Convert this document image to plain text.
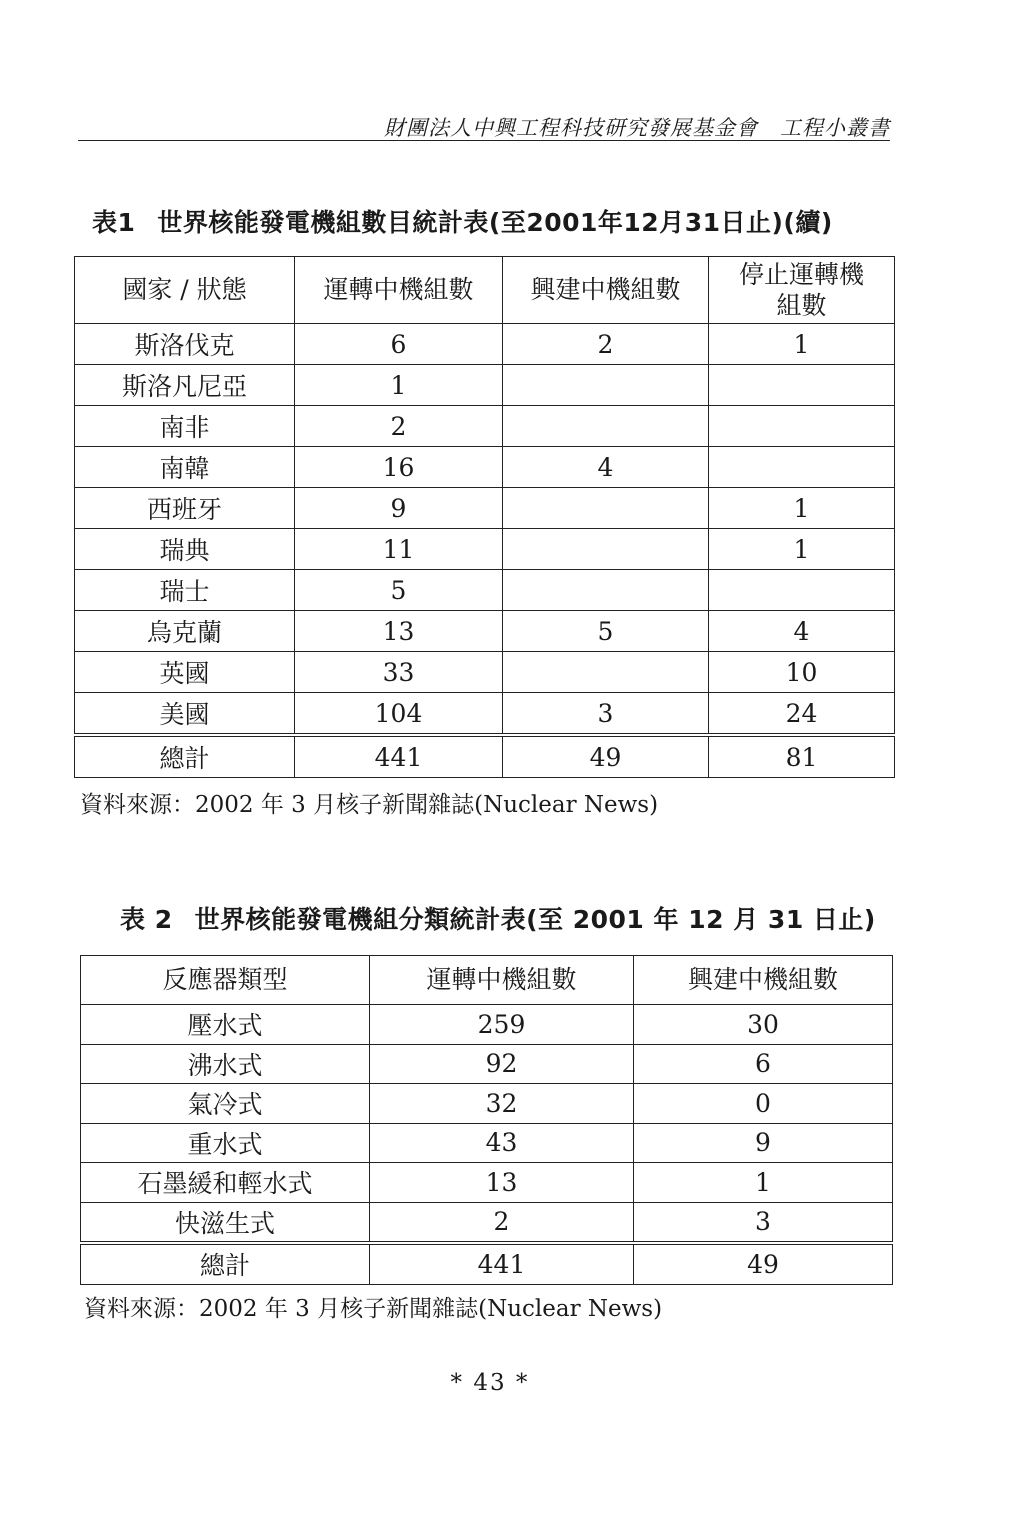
財團法人中興工程科技研究發展基金會　工程小叢書
表1 世界核能發電機組數目統計表(至2001年12月31日止)(續)
國家 / 狀態	運轉中機組數	興建中機組數	停止運轉機組數
斯洛伐克	6	2	1
斯洛凡尼亞	1		
南非	2		
南韓	16	4	
西班牙	9		1
瑞典	11		1
瑞士	5		
烏克蘭	13	5	4
英國	33		10
美國	104	3	24
總計	441	49	81
資料來源：2002 年 3 月核子新聞雜誌(Nuclear News)
表 2 世界核能發電機組分類統計表(至 2001 年 12 月 31 日止)
反應器類型	運轉中機組數	興建中機組數
壓水式	259	30
沸水式	92	6
氣冷式	32	0
重水式	43	9
石墨緩和輕水式	13	1
快滋生式	2	3
總計	441	49
資料來源：2002 年 3 月核子新聞雜誌(Nuclear News)
* 43 *
